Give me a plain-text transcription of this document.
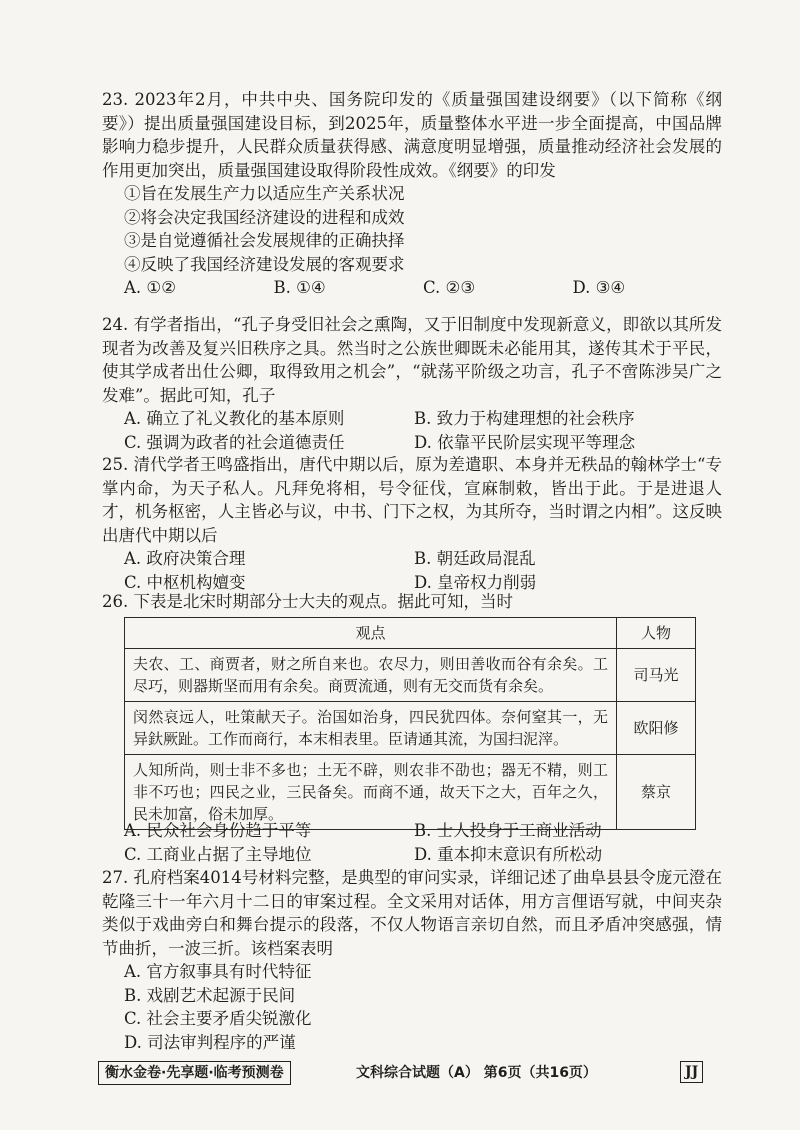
23. 2023年2月，中共中央、国务院印发的《质量强国建设纲要》（以下简称《纲要》）提出质量强国建设目标，到2025年，质量整体水平进一步全面提高，中国品牌影响力稳步提升，人民群众质量获得感、满意度明显增强，质量推动经济社会发展的作用更加突出，质量强国建设取得阶段性成效。《纲要》的印发

①旨在发展生产力以适应生产关系状况

②将会决定我国经济建设的进程和成效

③是自觉遵循社会发展规律的正确抉择

④反映了我国经济建设发展的客观要求

A. ①②	B. ①④	C. ②③	D. ③④

24. 有学者指出，“孔子身受旧社会之熏陶，又于旧制度中发现新意义，即欲以其所发现者为改善及复兴旧秩序之具。然当时之公族世卿既未必能用其，遂传其术于平民，使其学成者出仕公卿，取得致用之机会”，“就荡平阶级之功言，孔子不啻陈涉吴广之发难”。据此可知，孔子

A. 确立了礼义教化的基本原则	B. 致力于构建理想的社会秩序
C. 强调为政者的社会道德责任	D. 依靠平民阶层实现平等理念

25. 清代学者王鸣盛指出，唐代中期以后，原为差遣职、本身并无秩品的翰林学士“专掌内命，为天子私人。凡拜免将相，号令征伐，宣麻制敕，皆出于此。于是进退人才，机务枢密，人主皆必与议，中书、门下之权，为其所夺，当时谓之内相”。这反映出唐代中期以后

A. 政府决策合理	B. 朝廷政局混乱
C. 中枢机构嬗变	D. 皇帝权力削弱

26. 下表是北宋时期部分士大夫的观点。据此可知，当时

观点	人物
夫农、工、商贾者，财之所自来也。农尽力，则田善收而谷有余矣。工尽巧，则器斯坚而用有余矣。商贾流通，则有无交而货有余矣。	司马光
闵然哀远人，吐策献天子。治国如治身，四民犹四体。奈何窒其一，无异釱厥趾。工作而商行，本末相表里。臣请通其流，为国扫泥滓。	欧阳修
人知所尚，则士非不多也；土无不辟，则农非不劭也；器无不精，则工非不巧也；四民之业，三民备矣。而商不通，故天下之大，百年之久，民未加富，俗未加厚。	蔡京
A. 民众社会身份趋于平等	B. 士人投身于工商业活动
C. 工商业占据了主导地位	D. 重本抑末意识有所松动

27. 孔府档案4014号材料完整，是典型的审问实录，详细记述了曲阜县县令庞元澄在乾隆三十一年六月十二日的审案过程。全文采用对话体，用方言俚语写就，中间夹杂类似于戏曲旁白和舞台提示的段落，不仅人物语言亲切自然，而且矛盾冲突感强，情节曲折，一波三折。该档案表明

A. 官方叙事具有时代特征

B. 戏剧艺术起源于民间

C. 社会主要矛盾尖锐激化

D. 司法审判程序的严谨

衡水金卷·先享题·临考预测卷	文科综合试题（A） 第6页（共16页）	JJ
